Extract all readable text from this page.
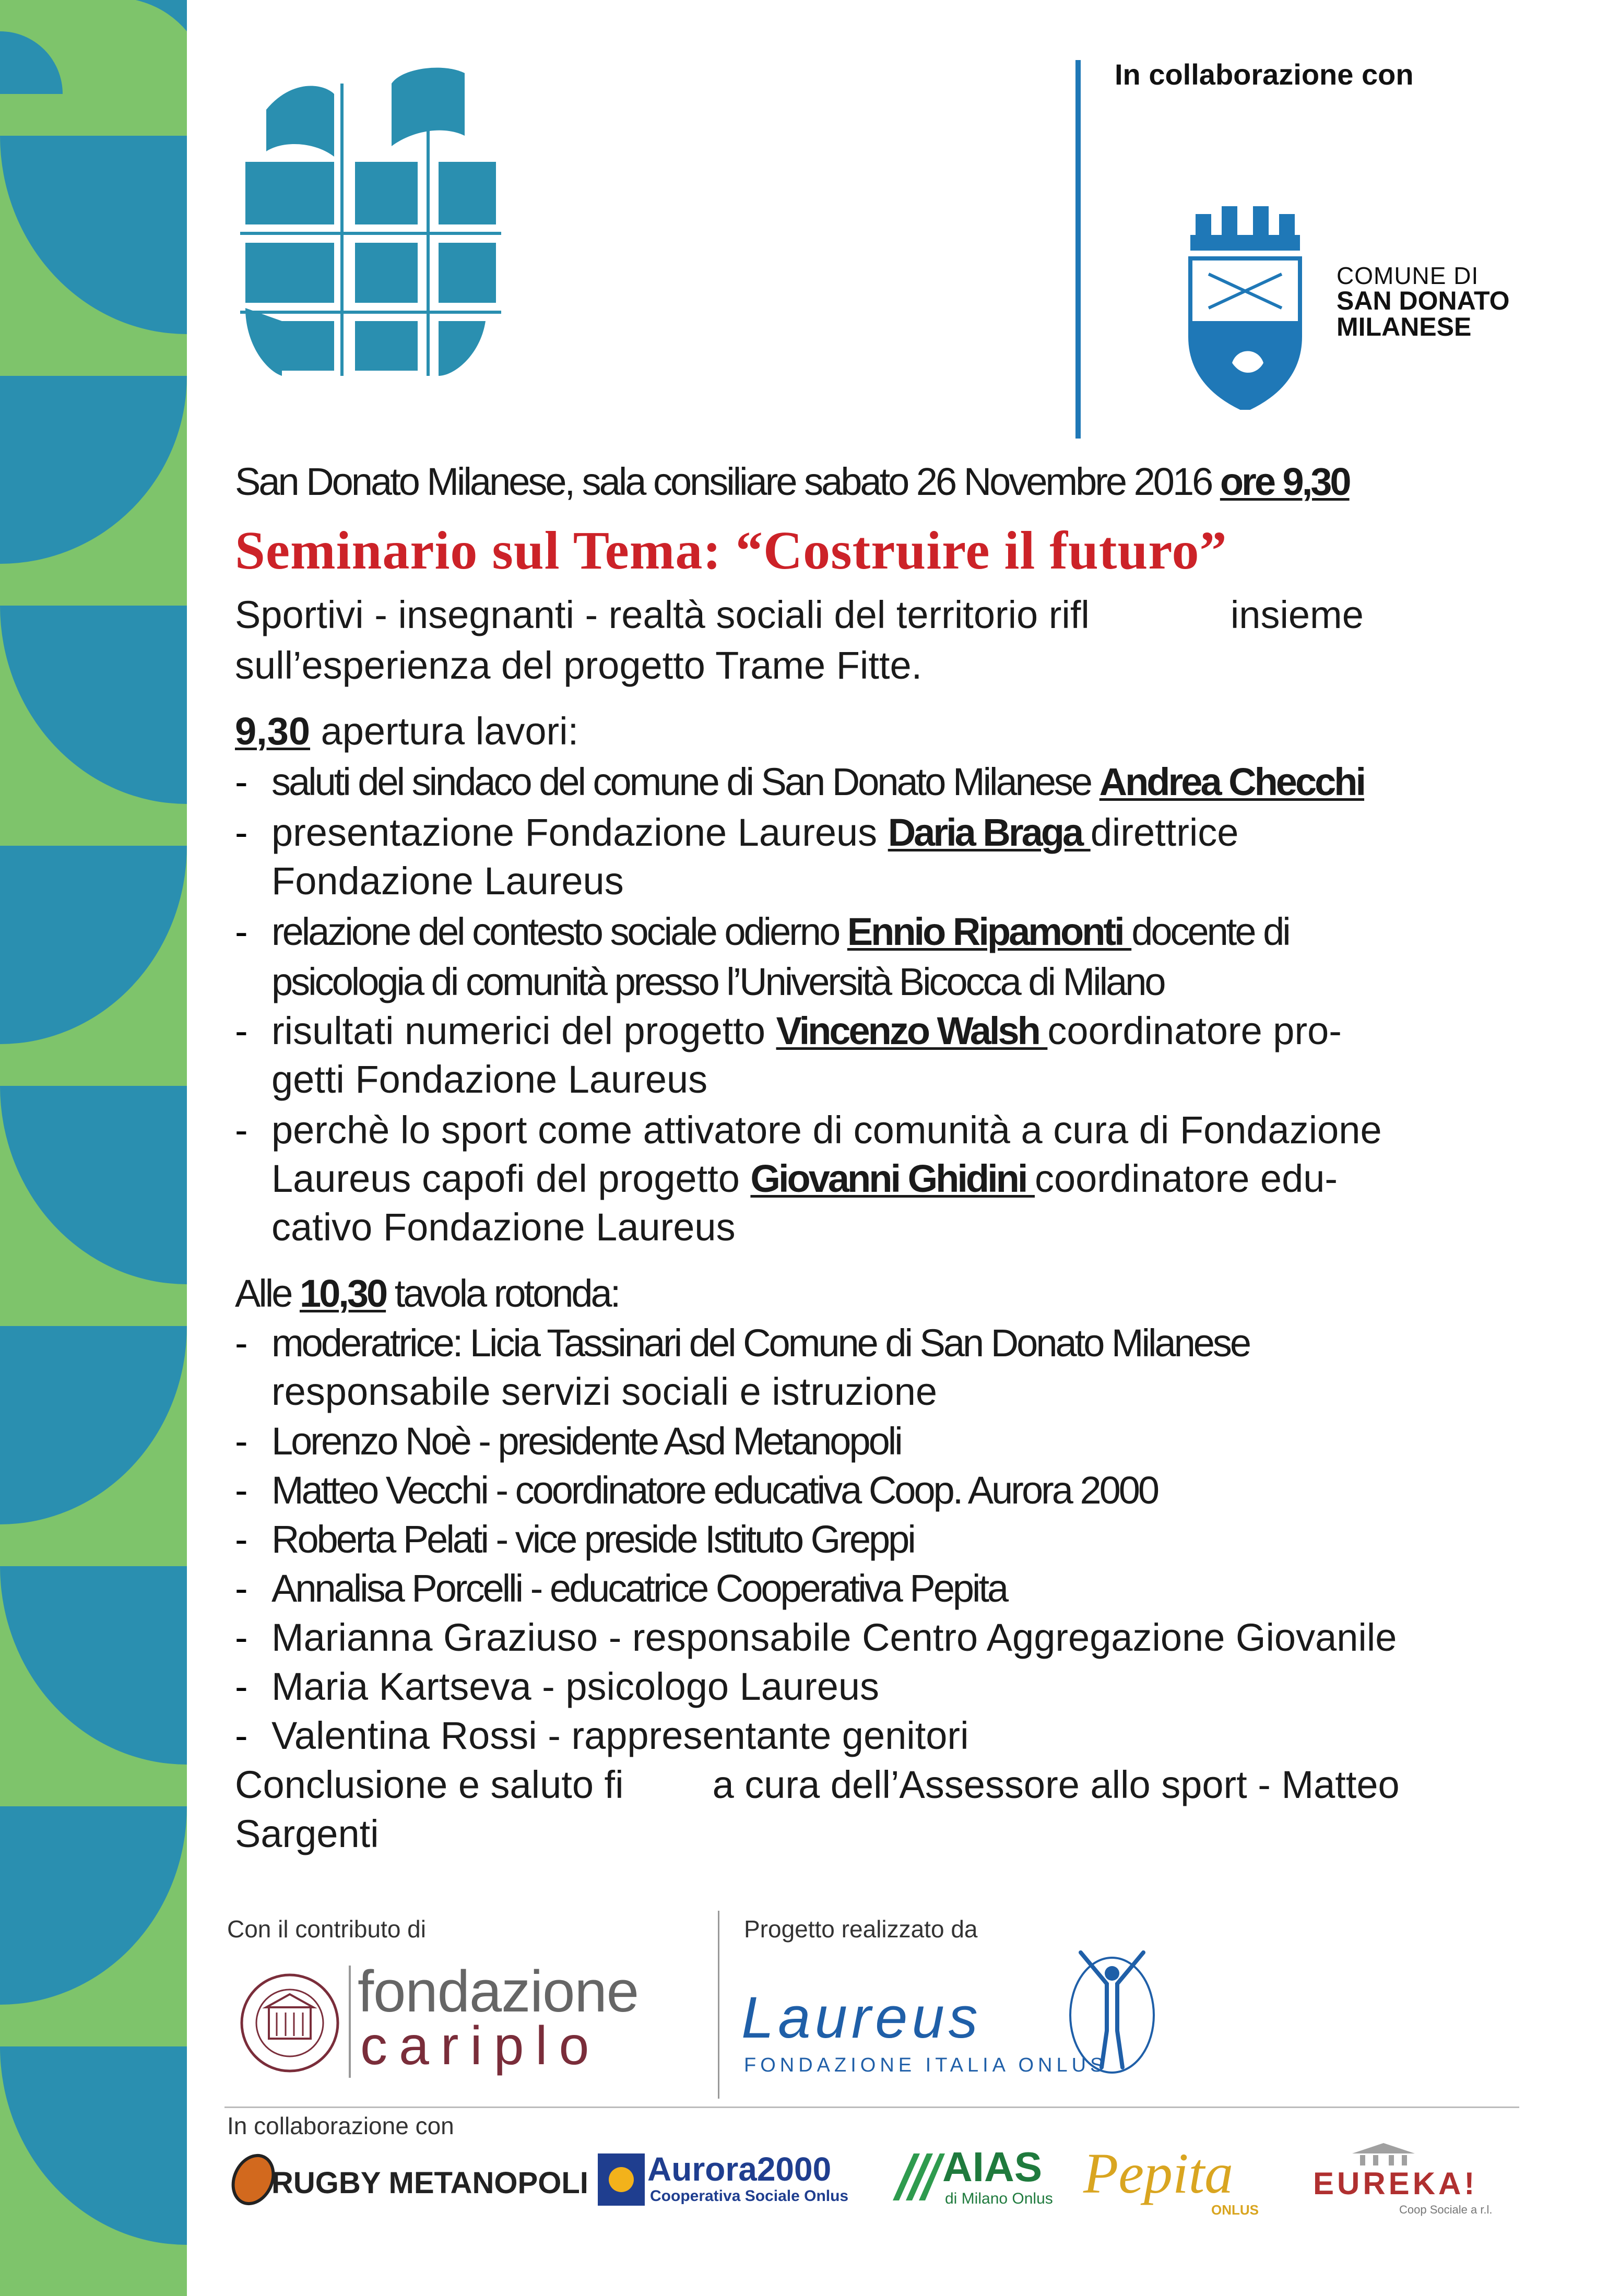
In collaborazione con
COMUNE DI
SAN DONATO
MILANESE
San Donato Milanese, sala consiliare sabato 26 Novembre 2016 ore 9,30
Seminario sul Tema: “Costruire il futuro”
Sportivi - insegnanti - realtà sociali del territorio rifl	insieme
sull’esperienza del progetto Trame Fitte.
9,30 apertura lavori:
- saluti del sindaco del comune di San Donato Milanese Andrea Checchi
- presentazione Fondazione Laureus Daria Braga direttrice
Fondazione Laureus
- relazione del contesto sociale odierno Ennio Ripamonti docente di
psicologia di comunità presso l’Università Bicocca di Milano
- risultati numerici del progetto Vincenzo Walsh coordinatore pro-
getti Fondazione Laureus
- perchè lo sport come attivatore di comunità a cura di Fondazione
Laureus capofi del progetto Giovanni Ghidini coordinatore edu-
cativo Fondazione Laureus
Alle 10,30 tavola rotonda:
- moderatrice: Licia Tassinari del Comune di San Donato Milanese
responsabile servizi sociali e istruzione
- Lorenzo Noè - presidente Asd Metanopoli
- Matteo Vecchi - coordinatore educativa Coop. Aurora 2000
- Roberta Pelati - vice preside Istituto Greppi
- Annalisa Porcelli - educatrice Cooperativa Pepita
- Marianna Graziuso - responsabile Centro Aggregazione Giovanile
- Maria Kartseva - psicologo Laureus
- Valentina Rossi - rappresentante genitori
Conclusione e saluto fi a cura dell’Assessore allo sport - Matteo
Sargenti
Con il contributo di	Progetto realizzato da
fondazione
cariplo Laureus
FONDAZIONE ITALIA ONLUS
In collaborazione con
RUGBY METANOPOLI Aurora2000
Cooperativa Sociale Onlus
AIAS
di Milano Onlus Pepita
ONLUS
EUREKA!
Coop Sociale a r.l.
